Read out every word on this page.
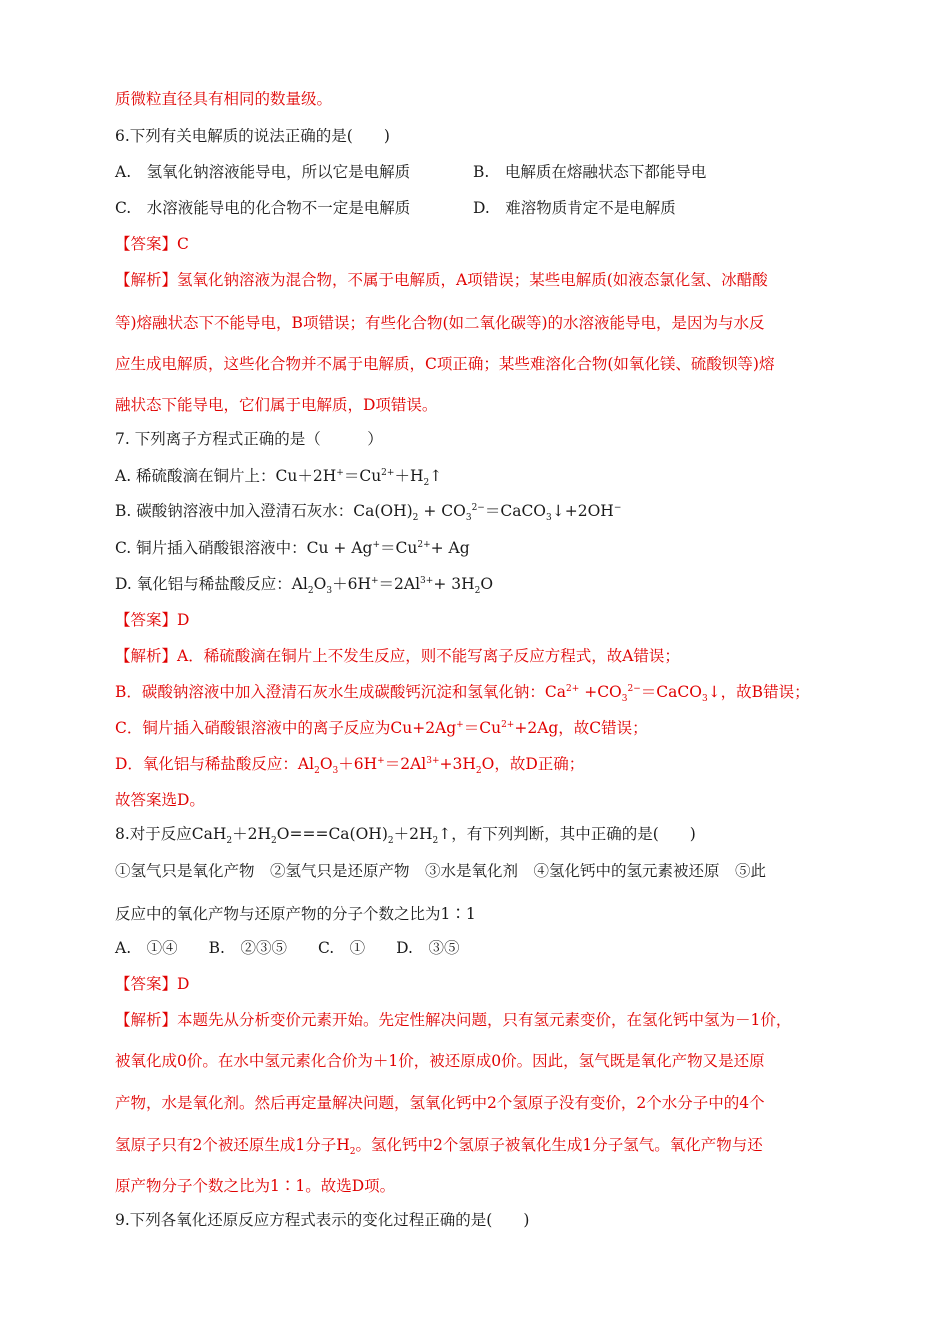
质微粒直径具有相同的数量级。
6.下列有关电解质的说法正确的是(　　)
A.　氢氧化钠溶液能导电，所以它是电解质	B.　电解质在熔融状态下都能导电
C.　水溶液能导电的化合物不一定是电解质	D.　难溶物质肯定不是电解质
【答案】C
【解析】氢氧化钠溶液为混合物，不属于电解质，A项错误；某些电解质(如液态氯化氢、冰醋酸
等)熔融状态下不能导电，B项错误；有些化合物(如二氧化碳等)的水溶液能导电，是因为与水反
应生成电解质，这些化合物并不属于电解质，C项正确；某些难溶化合物(如氧化镁、硫酸钡等)熔
融状态下能导电，它们属于电解质，D项错误。
7. 下列离子方程式正确的是（　　　）
A. 稀硫酸滴在铜片上：$Cu+2H^+=Cu^{2+}+H_2↑$
B. 碳酸钠溶液中加入澄清石灰水：$Ca(OH)_2$ + $CO_3^{2-}=CaCO_3↓+2OH^-$
C. 铜片插入硝酸银溶液中：$Cu + Ag^+=Cu^{2+}+ Ag$
D. 氧化铝与稀盐酸反应：$Al_2O_3+6H^+=2Al^{3+}+ 3H_2O$
【答案】D
【解析】A．稀硫酸滴在铜片上不发生反应，则不能写离子反应方程式，故A错误；
B．碳酸钠溶液中加入澄清石灰水生成碳酸钙沉淀和氢氧化钠：$Ca^{2+}$ $+CO_3^{2-}=CaCO_3↓$，故B错误；
C．铜片插入硝酸银溶液中的离子反应为$Cu+2Ag^+=Cu^{2+}+2Ag$，故C错误；
D．氧化铝与稀盐酸反应：$Al_2O_3+6H^+=2Al^{3+}+3H_2O$，故D正确；
故答案选D。
8.对于反应$CaH_2+2H_2O===Ca(OH)_2+2H_2↑$，有下列判断，其中正确的是(　　)
①氢气只是氧化产物　②氢气只是还原产物　③水是氧化剂　④氢化钙中的氢元素被还原　⑤此
反应中的氧化产物与还原产物的分子个数之比为1∶1
A.　①④　　B.　②③⑤　　C.　①　　D.　③⑤
【答案】D
【解析】本题先从分析变价元素开始。先定性解决问题，只有氢元素变价，在氢化钙中氢为－1价，
被氧化成0价。在水中氢元素化合价为＋1价，被还原成0价。因此，氢气既是氧化产物又是还原
产物，水是氧化剂。然后再定量解决问题，氢氧化钙中2个氢原子没有变价，2个水分子中的4个
氢原子只有2个被还原生成1分子$H_2$。氢化钙中2个氢原子被氧化生成1分子氢气。氧化产物与还
原产物分子个数之比为1∶1。故选D项。
9.下列各氧化还原反应方程式表示的变化过程正确的是(　　)
